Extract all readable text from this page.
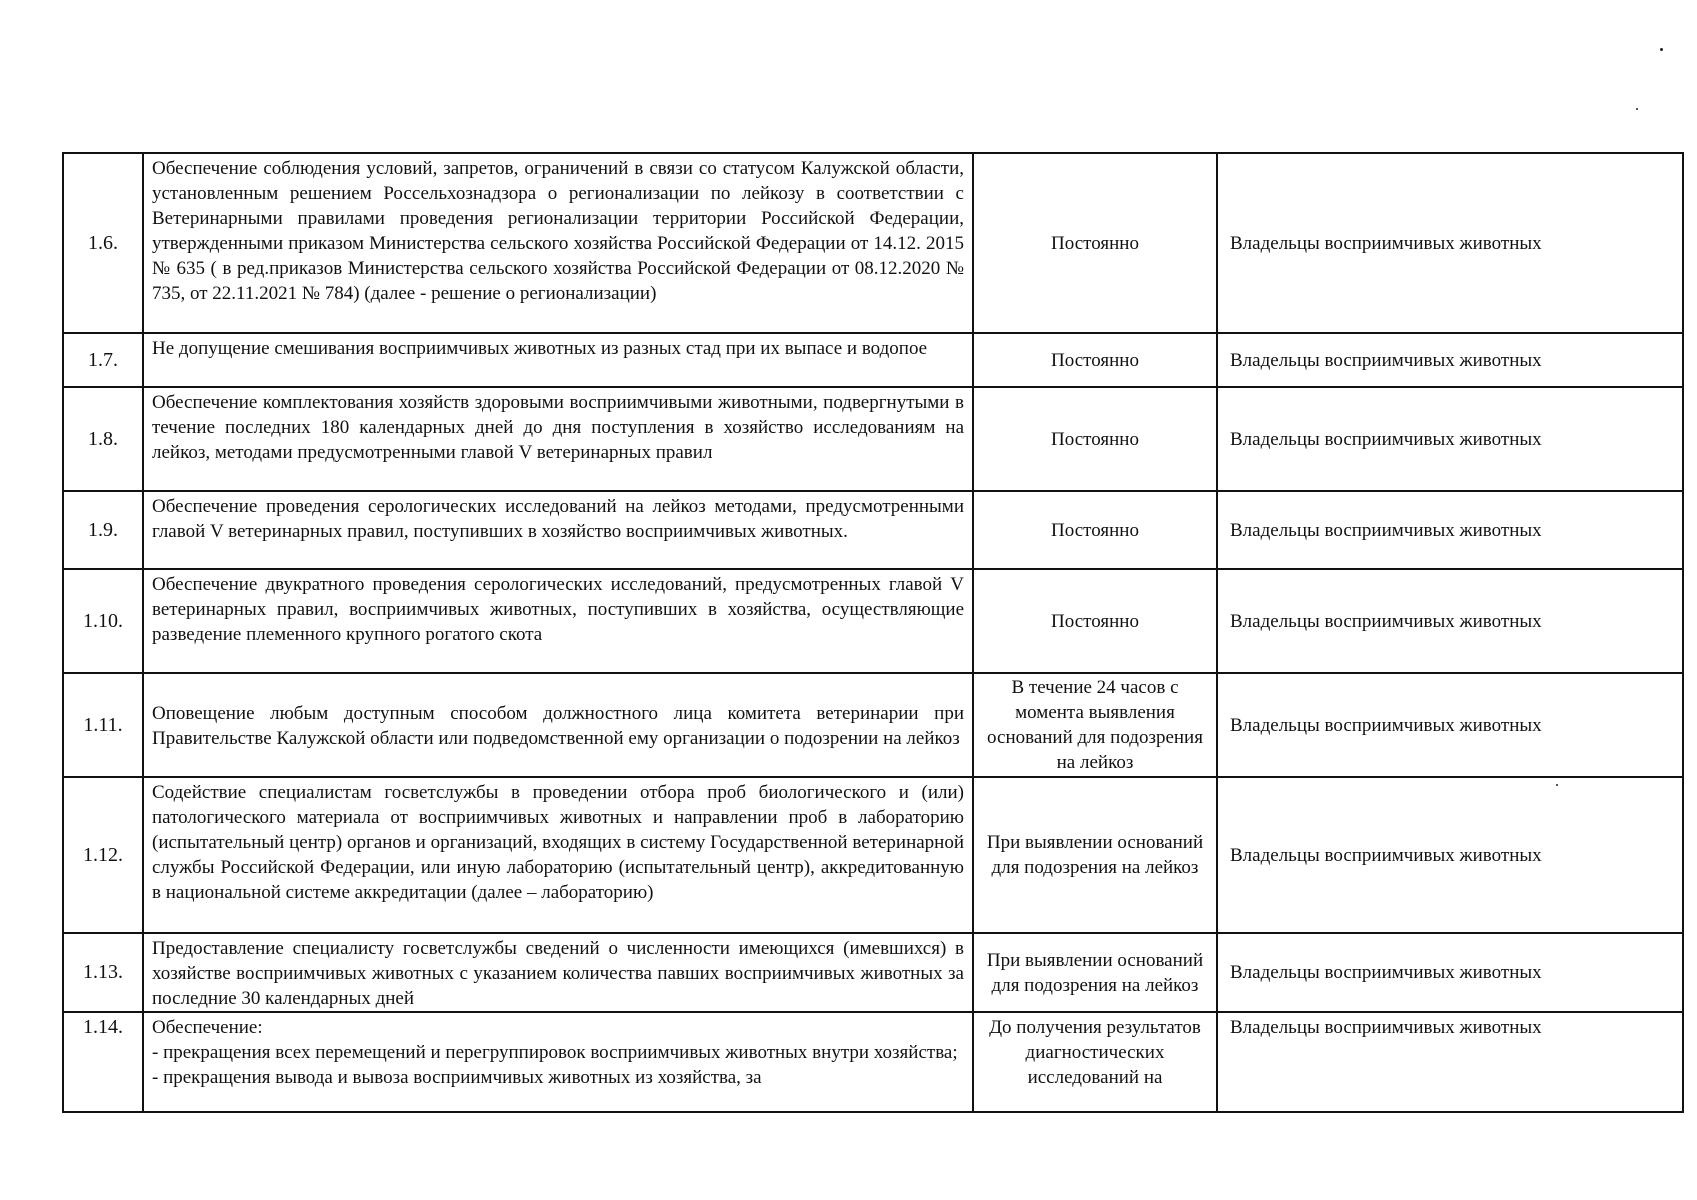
1.6.	Обеспечение соблюдения условий, запретов, ограничений в связи со статусом Калужской области, установленным решением Россельхознадзора о регионализации по лейкозу в соответствии с Ветеринарными правилами проведения регионализации территории Российской Федерации, утвержденными приказом Министерства сельского хозяйства Российской Федерации от 14.12. 2015 № 635 ( в ред.приказов Министерства сельского хозяйства Российской Федерации от 08.12.2020 № 735, от 22.11.2021 № 784) (далее - решение о регионализации)	Постоянно	Владельцы восприимчивых животных
1.7.	Не допущение смешивания восприимчивых животных из разных стад при их выпасе и водопое	Постоянно	Владельцы восприимчивых животных
1.8.	Обеспечение комплектования хозяйств здоровыми восприимчивыми животными, подвергнутыми в течение последних 180 календарных дней до дня поступления в хозяйство исследованиям на лейкоз, методами предусмотренными главой V ветеринарных правил	Постоянно	Владельцы восприимчивых животных
1.9.	Обеспечение проведения серологических исследований на лейкоз методами, предусмотренными главой V ветеринарных правил, поступивших в хозяйство восприимчивых животных.	Постоянно	Владельцы восприимчивых животных
1.10.	Обеспечение двукратного проведения серологических исследований, предусмотренных главой V ветеринарных правил, восприимчивых животных, поступивших в хозяйства, осуществляющие разведение племенного крупного рогатого скота	Постоянно	Владельцы восприимчивых животных
1.11.	Оповещение любым доступным способом должностного лица комитета ветеринарии при Правительстве Калужской области или подведомственной ему организации о подозрении на лейкоз	В течение 24 часов с момента выявления оснований для подозрения на лейкоз	Владельцы восприимчивых животных
1.12.	Содействие специалистам госветслужбы в проведении отбора проб биологического и (или) патологического материала от восприимчивых животных и направлении проб в лабораторию (испытательный центр) органов и организаций, входящих в систему Государственной ветеринарной службы Российской Федерации, или иную лабораторию (испытательный центр), аккредитованную в национальной системе аккредитации (далее – лабораторию)	При выявлении оснований для подозрения на лейкоз	Владельцы восприимчивых животных
1.13.	Предоставление специалисту госветслужбы сведений о численности имеющихся (имевшихся) в хозяйстве восприимчивых животных с указанием количества павших восприимчивых животных за последние 30 календарных дней	При выявлении оснований для подозрения на лейкоз	Владельцы восприимчивых животных
1.14.	Обеспечение:
- прекращения всех перемещений и перегруппировок восприимчивых животных внутри хозяйства;
- прекращения вывода и вывоза восприимчивых животных из хозяйства, за	До получения результатов диагностических исследований на	Владельцы восприимчивых животных
